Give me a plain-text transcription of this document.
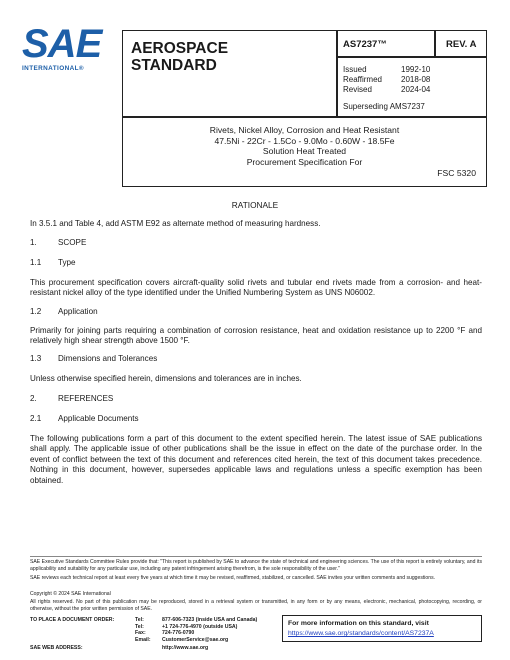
SAE
INTERNATIONAL®
AEROSPACE
STANDARD
AS7237™	REV. A
Issued	1992-10
Reaffirmed 2018-08
Revised	2024-04
Superseding AMS7237
Rivets, Nickel Alloy, Corrosion and Heat Resistant
47.5Ni - 22Cr - 1.5Co - 9.0Mo - 0.60W - 18.5Fe
Solution Heat Treated
Procurement Specification For
FSC 5320
RATIONALE
In 3.5.1 and Table 4, add ASTM E92 as alternate method of measuring hardness.
1.	SCOPE
1.1 Type
This procurement specification covers aircraft-quality solid rivets and tubular end rivets made from a corrosion- and heat-resistant nickel alloy of the type identified under the Unified Numbering System as UNS N06002.
1.2 Application
Primarily for joining parts requiring a combination of corrosion resistance, heat and oxidation resistance up to 2200 °F and relatively high shear strength above 1500 °F.
1.3 Dimensions and Tolerances
Unless otherwise specified herein, dimensions and tolerances are in inches.
2.	REFERENCES
2.1 Applicable Documents
The following publications form a part of this document to the extent specified herein. The latest issue of SAE publications shall apply. The applicable issue of other publications shall be the issue in effect on the date of the purchase order. In the event of conflict between the text of this document and references cited herein, the text of this document takes precedence. Nothing in this document, however, supersedes applicable laws and regulations unless a specific exemption has been obtained.
SAE Executive Standards Committee Rules provide that: "This report is published by SAE to advance the state of technical and engineering sciences. The use of this report is entirely voluntary, and its applicability and suitability for any particular use, including any patent infringement arising therefrom, is the sole responsibility of the user."
SAE reviews each technical report at least every five years at which time it may be revised, reaffirmed, stabilized, or cancelled. SAE invites your written comments and suggestions.
Copyright © 2024 SAE International
All rights reserved. No part of this publication may be reproduced, stored in a retrieval system or transmitted, in any form or by any means, electronic, mechanical, photocopying, recording, or otherwise, without the prior written permission of SAE.
TO PLACE A DOCUMENT ORDER:	Tel:	877-606-7323 (inside USA and Canada)
Tel:	+1 724-776-4970 (outside USA)
Fax:	724-776-0790
Email:	CustomerService@sae.org
SAE WEB ADDRESS:	http://www.sae.org
For more information on this standard, visit
https://www.sae.org/standards/content/AS7237A
